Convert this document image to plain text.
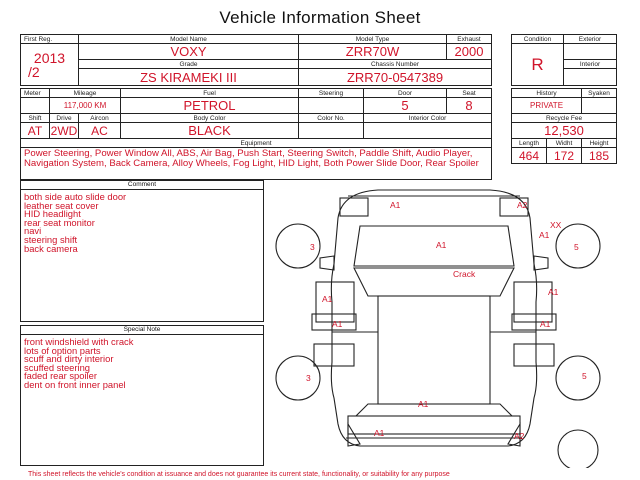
Vehicle Information Sheet
First Reg.	Model Name	Model Type	Exhaust

2013
/2	VOXY	ZRR70W	2000
	Grade	Chassis Number	
	ZS KIRAMEKI III	ZRR70-0547389	
Condition	Exterior
R	
	Interior

Meter	Mileage		Fuel	Steering	Door	Seat
	117,000 KM		PETROL		5	8
Shift	Drive	Aircon	Body Color	Color No.	Interior Color	
AT	2WD	AC	BLACK			
Equipment						
Power Steering, Power Window All, ABS, Air Bag, Push Start, Steering Switch, Paddle Shift, Audio Player, Navigation System, Back Camera, Alloy Wheels, Fog Light, HID Light, Both Power Slide Door, Rear Spoiler						
History		Syaken
PRIVATE		
Recycle Fee		
12,530		
Length	Widht	Height
464	172	185
Comment
both side auto slide door
leather seat cover
HID headlight
rear seat monitor
navi
steering shift
back camera
Special Note
front windshield with crack
lots of option parts
scuff and dirty interior
scuffed steering
faded rear spoiler
dent on front inner panel
A1	A2
XX
A1
A1
Crack
A1
A1
A1
A1
3	5
3	5
A1
A1	A2
This sheet reflects the vehicle's condition at issuance and does not guarantee its current state, functionality, or suitability for any purpose
